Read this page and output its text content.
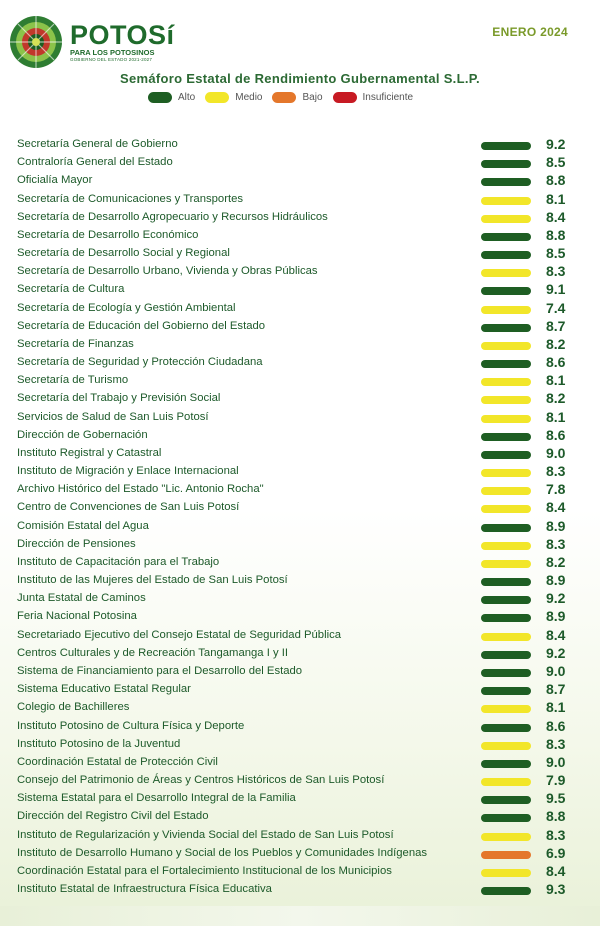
POTOSí
PARA LOS POTOSINOS
GOBIERNO DEL ESTADO 2021-2027
ENERO 2024
Semáforo Estatal de Rendimiento Gubernamental S.L.P.
Alto	Medio	Bajo	Insuficiente
Secretaría General de Gobierno	9.2
Contraloría General del Estado	8.5
Oficialía Mayor	8.8
Secretaría de Comunicaciones y Transportes	8.1
Secretaría de Desarrollo Agropecuario y Recursos Hidráulicos	8.4
Secretaría de Desarrollo Económico	8.8
Secretaría de Desarrollo Social y Regional	8.5
Secretaría de Desarrollo Urbano, Vivienda y Obras Públicas	8.3
Secretaría de Cultura	9.1
Secretaría de Ecología y Gestión Ambiental	7.4
Secretaría de Educación del Gobierno del Estado	8.7
Secretaría de Finanzas	8.2
Secretaría de Seguridad y Protección Ciudadana	8.6
Secretaría de Turismo	8.1
Secretaría del Trabajo y Previsión Social	8.2
Servicios de Salud de San Luis Potosí	8.1
Dirección de Gobernación	8.6
Instituto Registral y Catastral	9.0
Instituto de Migración y Enlace Internacional	8.3
Archivo Histórico del Estado "Lic. Antonio Rocha"	7.8
Centro de Convenciones de San Luis Potosí	8.4
Comisión Estatal del Agua	8.9
Dirección de Pensiones	8.3
Instituto de Capacitación para el Trabajo	8.2
Instituto de las Mujeres del Estado de San Luis Potosí	8.9
Junta Estatal de Caminos	9.2
Feria Nacional Potosina	8.9
Secretariado Ejecutivo del Consejo Estatal de Seguridad Pública	8.4
Centros Culturales y de Recreación Tangamanga I y II	9.2
Sistema de Financiamiento para el Desarrollo del Estado	9.0
Sistema Educativo Estatal Regular	8.7
Colegio de Bachilleres	8.1
Instituto Potosino de Cultura Física y Deporte	8.6
Instituto Potosino de la Juventud	8.3
Coordinación Estatal de Protección Civil	9.0
Consejo del Patrimonio de Áreas y Centros Históricos de San Luis Potosí	7.9
Sistema Estatal para el Desarrollo Integral de la Familia	9.5
Dirección del Registro Civil del Estado	8.8
Instituto de Regularización y Vivienda Social del Estado de San Luis Potosí	8.3
Instituto de Desarrollo Humano y Social de los Pueblos y Comunidades Indígenas	6.9
Coordinación Estatal para el Fortalecimiento Institucional de los Municipios	8.4
Instituto Estatal de Infraestructura Física Educativa	9.3
